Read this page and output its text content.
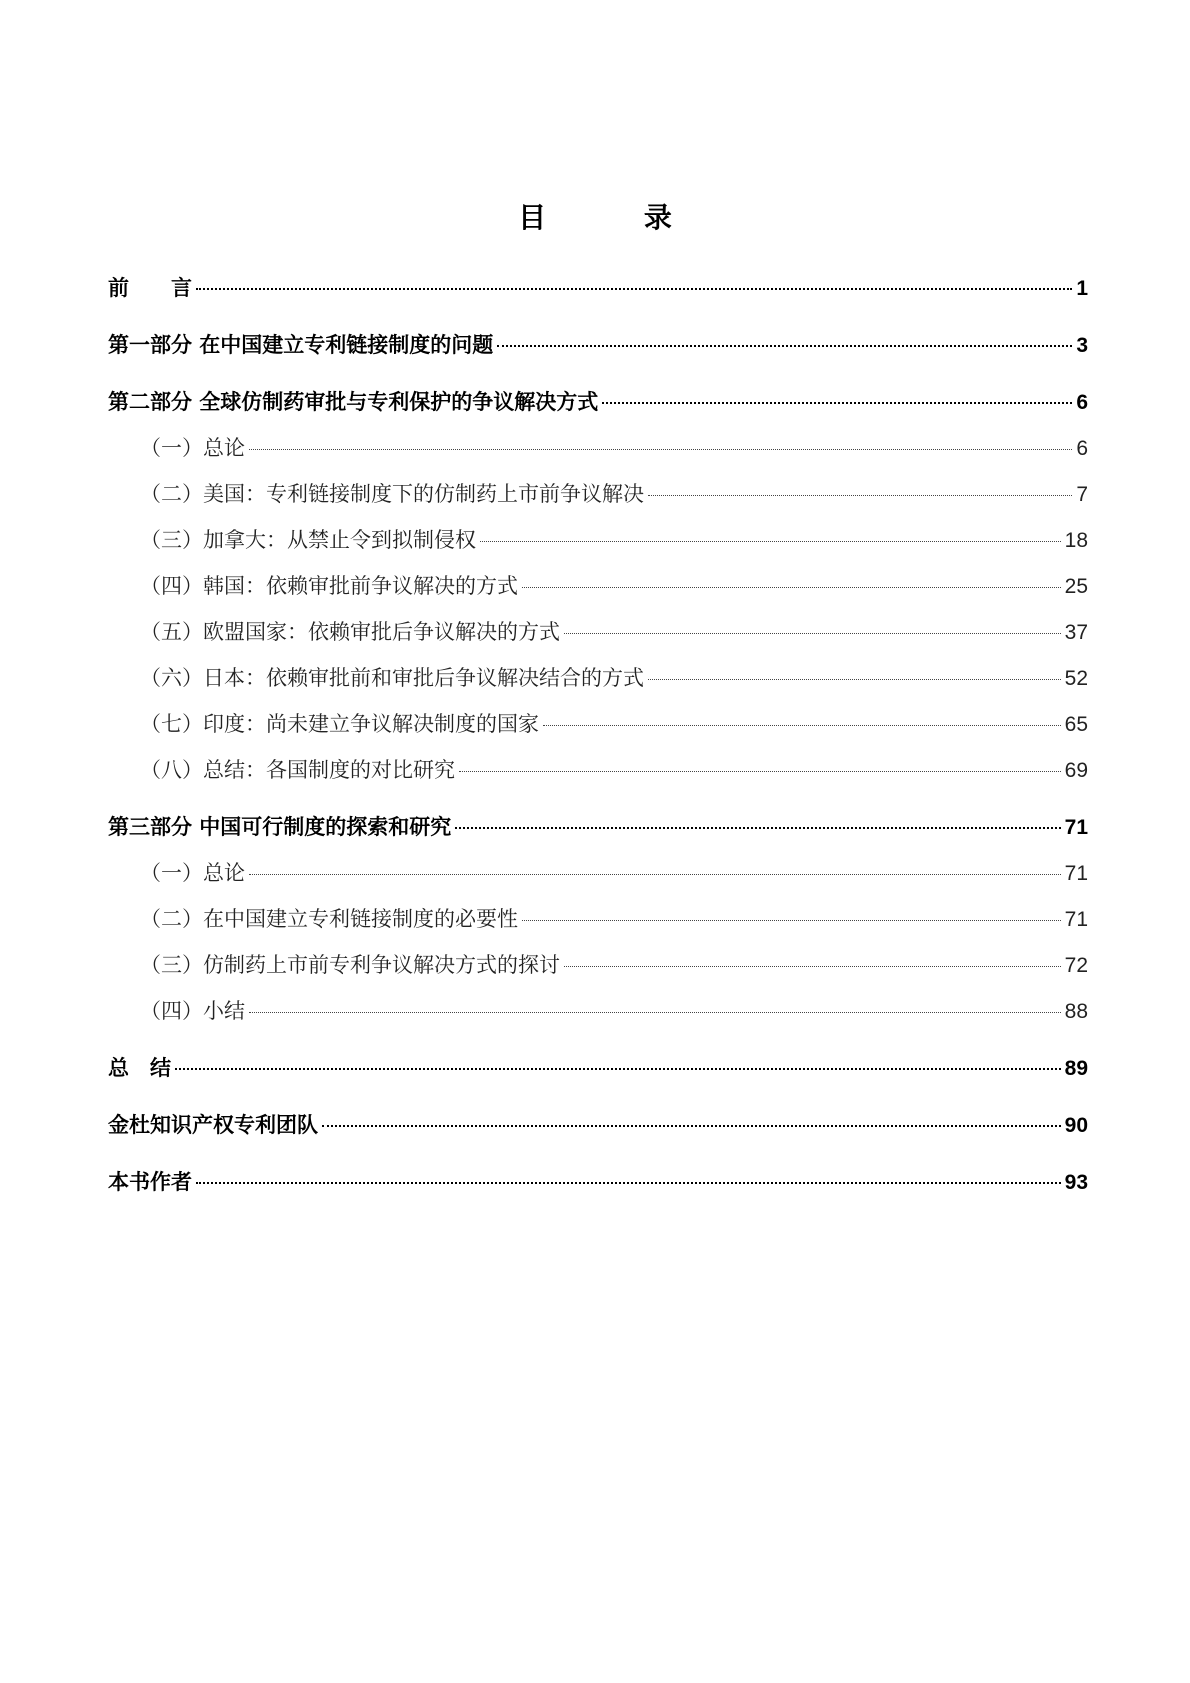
目 录
前　　言	1
第一部分 在中国建立专利链接制度的问题	3
第二部分 全球仿制药审批与专利保护的争议解决方式	6
（一）总论	6
（二）美国：专利链接制度下的仿制药上市前争议解决	7
（三）加拿大：从禁止令到拟制侵权	18
（四）韩国：依赖审批前争议解决的方式	25
（五）欧盟国家：依赖审批后争议解决的方式	37
（六）日本：依赖审批前和审批后争议解决结合的方式	52
（七）印度：尚未建立争议解决制度的国家	65
（八）总结：各国制度的对比研究	69
第三部分 中国可行制度的探索和研究	71
（一）总论	71
（二）在中国建立专利链接制度的必要性	71
（三）仿制药上市前专利争议解决方式的探讨	72
（四）小结	88
总　结	89
金杜知识产权专利团队	90
本书作者	93
